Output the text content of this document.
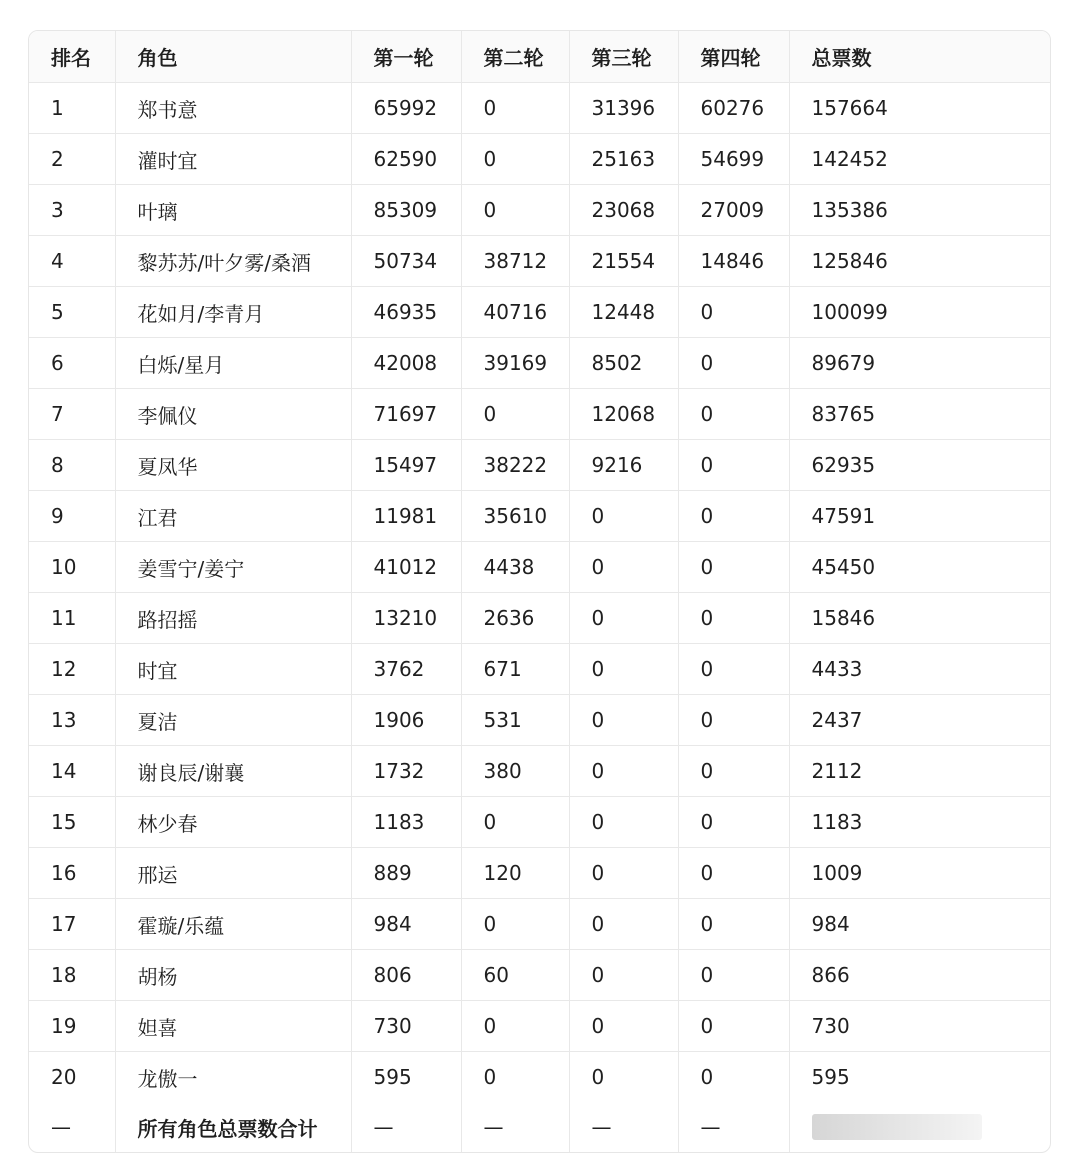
排名	角色	第一轮	第二轮	第三轮	第四轮	总票数
1	郑书意	65992	0	31396	60276	157664
2	灌时宜	62590	0	25163	54699	142452
3	叶璃	85309	0	23068	27009	135386
4	黎苏苏/叶夕雾/桑酒	50734	38712	21554	14846	125846
5	花如月/李青月	46935	40716	12448	0	100099
6	白烁/星月	42008	39169	8502	0	89679
7	李佩仪	71697	0	12068	0	83765
8	夏凤华	15497	38222	9216	0	62935
9	江君	11981	35610	0	0	47591
10	姜雪宁/姜宁	41012	4438	0	0	45450
11	路招摇	13210	2636	0	0	15846
12	时宜	3762	671	0	0	4433
13	夏洁	1906	531	0	0	2437
14	谢良辰/谢襄	1732	380	0	0	2112
15	林少春	1183	0	0	0	1183
16	邢运	889	120	0	0	1009
17	霍璇/乐蕴	984	0	0	0	984
18	胡杨	806	60	0	0	866
19	妲喜	730	0	0	0	730
20	龙傲一	595	0	0	0	595
—	所有角色总票数合计	—	—	—	—	
